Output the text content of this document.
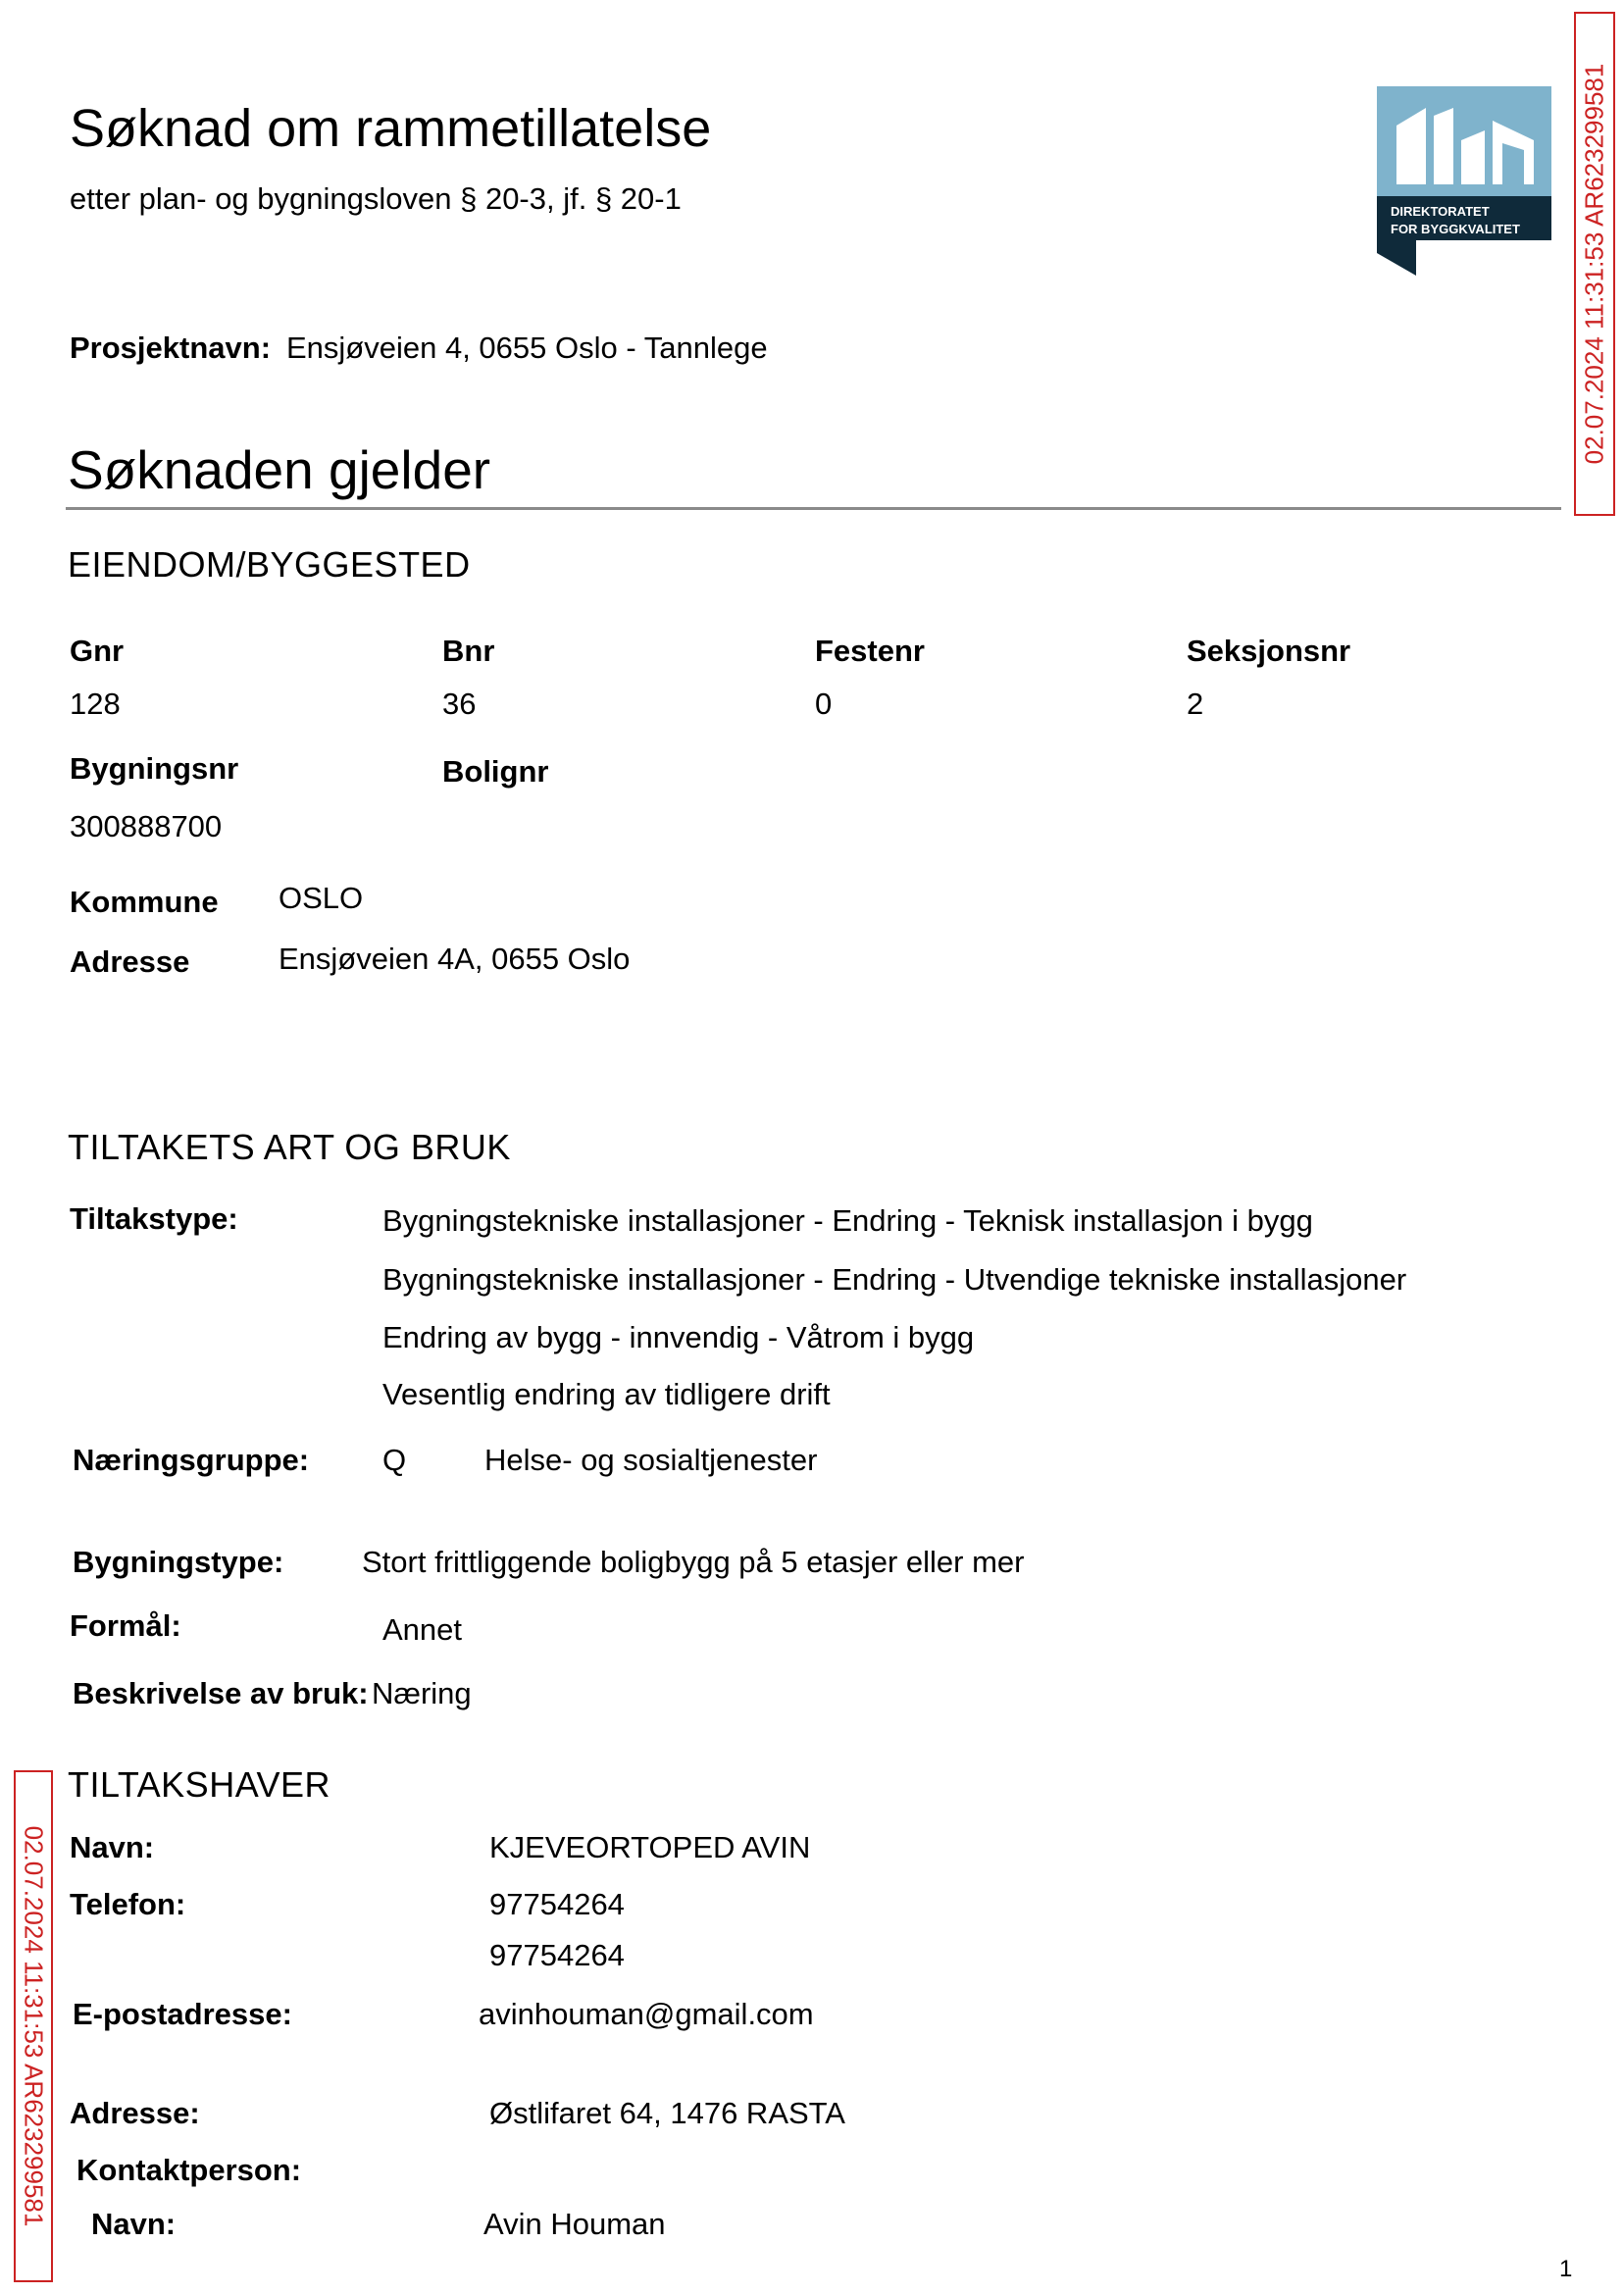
Søknad om rammetillatelse
etter plan- og bygningsloven § 20-3, jf. § 20-1	DIREKTORATET
FOR BYGGKVALITET
Prosjektnavn: Ensjøveien 4, 0655 Oslo - Tannlege
Søknaden gjelder
EIENDOM/BYGGESTED
Gnr	Bnr	Festenr	Seksjonsnr
128	36	0	2
Bygningsnr	Bolignr
300888700
Kommune OSLO
Adresse	Ensjøveien 4A, 0655 Oslo
TILTAKETS ART OG BRUK
Tiltakstype:	Bygningstekniske installasjoner - Endring - Teknisk installasjon i bygg
Bygningstekniske installasjoner - Endring - Utvendige tekniske installasjoner
Endring av bygg - innvendig - Våtrom i bygg
Vesentlig endring av tidligere drift
Næringsgruppe: Q	Helse- og sosialtjenester
Bygningstype:	Stort frittliggende boligbygg på 5 etasjer eller mer
Formål:	Annet
Beskrivelse av bruk: Næring
TILTAKSHAVER
Navn:	KJEVEORTOPED AVIN
Telefon:	97754264
97754264
E-postadresse:	avinhouman@gmail.com
Adresse:	Østlifaret 64, 1476 RASTA
Kontaktperson:
Navn:	Avin Houman
02.07.2024 11:31:53 AR623299581
02.07.2024 11:31:53 AR623299581
1
